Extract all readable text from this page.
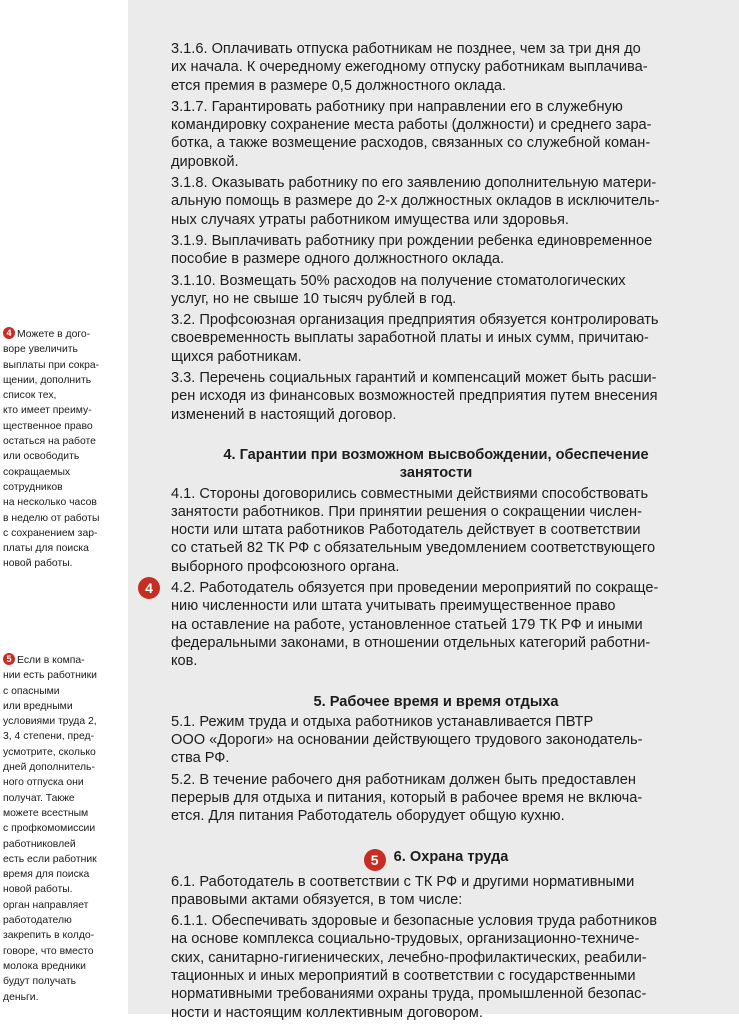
4 Можете в дого-
воре увеличить
выплаты при сокра-
щении, дополнить
список тех,
кто имеет преиму-
щественное право
остаться на работе
или освободить
сокращаемых
сотрудников
на несколько часов
в неделю от работы
с сохранением зар-
платы для поиска
новой работы.
5 Если в компа-
нии есть работники
с опасными
или вредными
условиями труда 2,
3, 4 степени, пред-
усмотрите, сколько
дней дополнитель-
ного отпуска они
получат. Также
можете всестным
с профкомомиссии
работниковлей
есть если работник
время для поиска
новой работы.
орган направляет
работодателю
закрепить в колдо-
говоре, что вместо
молока вредники
будут получать
деньги.
3.1.6. Оплачивать отпуска работникам не позднее, чем за три дня до
их начала. К очередному ежегодному отпуску работникам выплачива-
ется премия в размере 0,5 должностного оклада.
3.1.7. Гарантировать работнику при направлении его в служебную
командировку сохранение места работы (должности) и среднего зара-
ботка, а также возмещение расходов, связанных со служебной коман-
дировкой.
3.1.8. Оказывать работнику по его заявлению дополнительную матери-
альную помощь в размере до 2-х должностных окладов в исключитель-
ных случаях утраты работником имущества или здоровья.
3.1.9. Выплачивать работнику при рождении ребенка единовременное
пособие в размере одного должностного оклада.
3.1.10. Возмещать 50% расходов на получение стоматологических
услуг, но не свыше 10 тысяч рублей в год.
3.2. Профсоюзная организация предприятия обязуется контролировать
своевременность выплаты заработной платы и иных сумм, причитаю-
щихся работникам.
3.3. Перечень социальных гарантий и компенсаций может быть расши-
рен исходя из финансовых возможностей предприятия путем внесения
изменений в настоящий договор.
4. Гарантии при возможном высвобождении, обеспечение
занятости
4.1. Стороны договорились совместными действиями способствовать
занятости работников. При принятии решения о сокращении числен-
ности или штата работников Работодатель действует в соответствии
со статьей 82 ТК РФ с обязательным уведомлением соответствующего
выборного профсоюзного органа.
4	4.2. Работодатель обязуется при проведении мероприятий по сокраще-
нию численности или штата учитывать преимущественное право
на оставление на работе, установленное статьей 179 ТК РФ и иными
федеральными законами, в отношении отдельных категорий работни-
ков.
5. Рабочее время и время отдыха
5.1. Режим труда и отдыха работников устанавливается ПВТР
ООО «Дороги» на основании действующего трудового законодатель-
ства РФ.
5.2. В течение рабочего дня работникам должен быть предоставлен
перерыв для отдыха и питания, который в рабочее время не включа-
ется. Для питания Работодатель оборудует общую кухню.
5 6. Охрана труда
6.1. Работодатель в соответствии с ТК РФ и другими нормативными
правовыми актами обязуется, в том числе:
6.1.1. Обеспечивать здоровые и безопасные условия труда работников
на основе комплекса социально-трудовых, организационно-техниче-
ских, санитарно-гигиенических, лечебно-профилактических, реабили-
тационных и иных мероприятий в соответствии с государственными
нормативными требованиями охраны труда, промышленной безопас-
ности и настоящим коллективным договором.
